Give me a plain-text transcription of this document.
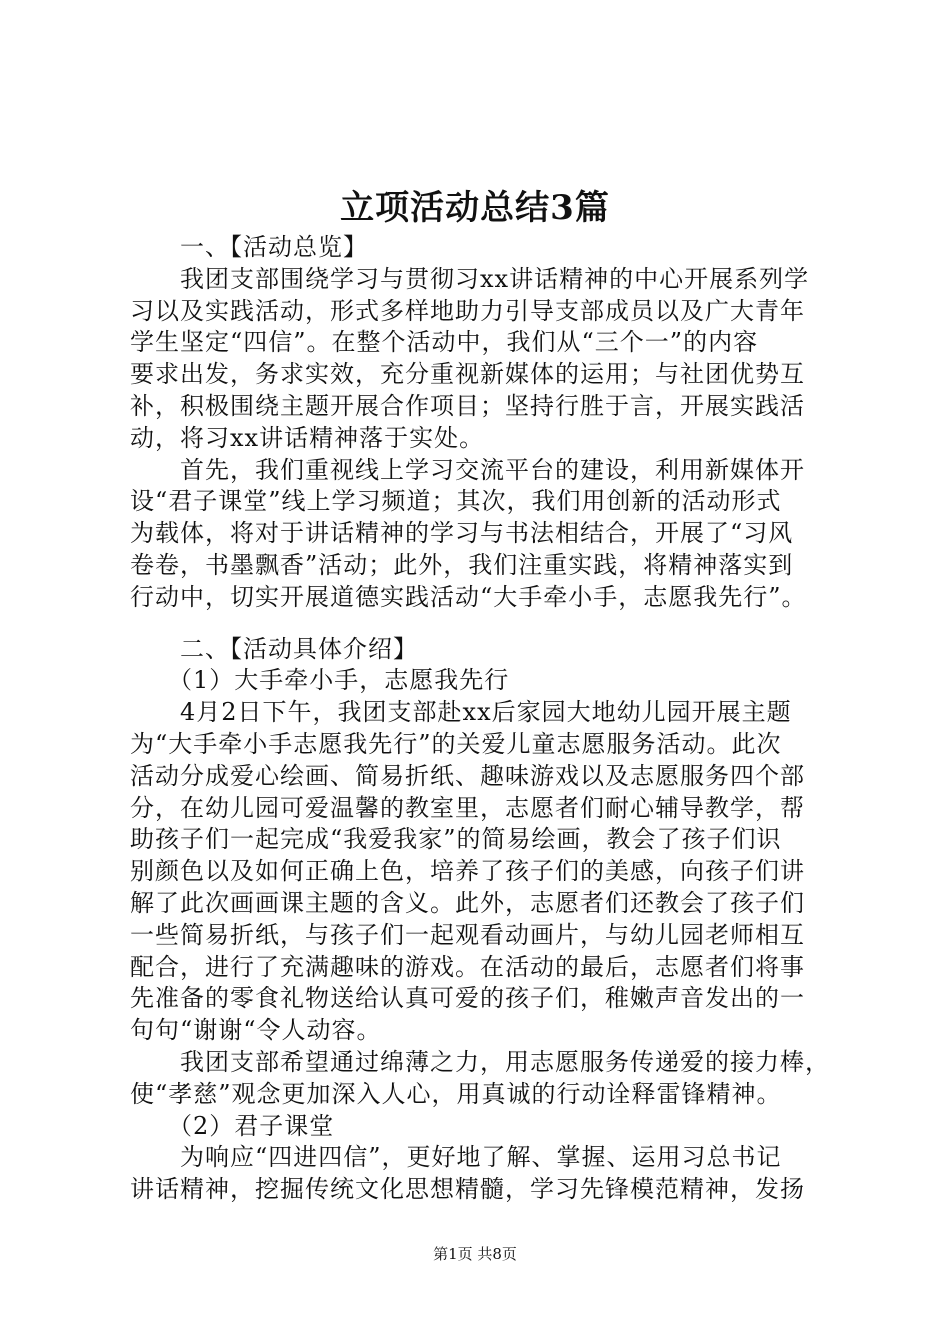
立项活动总结3篇
　　一、【活动总览】
　　我团支部围绕学习与贯彻习xx讲话精神的中心开展系列学
习以及实践活动，形式多样地助力引导支部成员以及广大青年
学生坚定“四信”。在整个活动中，我们从“三个一”的内容
要求出发，务求实效，充分重视新媒体的运用；与社团优势互
补，积极围绕主题开展合作项目；坚持行胜于言，开展实践活
动，将习xx讲话精神落于实处。
　　首先，我们重视线上学习交流平台的建设，利用新媒体开
设“君子课堂”线上学习频道；其次，我们用创新的活动形式
为载体，将对于讲话精神的学习与书法相结合，开展了“习风
卷卷，书墨飘香”活动；此外，我们注重实践，将精神落实到
行动中，切实开展道德实践活动“大手牵小手，志愿我先行”。
　　二、【活动具体介绍】
　　（1）大手牵小手，志愿我先行
　　4月2日下午，我团支部赴xx后家园大地幼儿园开展主题
为“大手牵小手志愿我先行”的关爱儿童志愿服务活动。此次
活动分成爱心绘画、简易折纸、趣味游戏以及志愿服务四个部
分，在幼儿园可爱温馨的教室里，志愿者们耐心辅导教学，帮
助孩子们一起完成“我爱我家”的简易绘画，教会了孩子们识
别颜色以及如何正确上色，培养了孩子们的美感，向孩子们讲
解了此次画画课主题的含义。此外，志愿者们还教会了孩子们
一些简易折纸，与孩子们一起观看动画片，与幼儿园老师相互
配合，进行了充满趣味的游戏。在活动的最后，志愿者们将事
先准备的零食礼物送给认真可爱的孩子们，稚嫩声音发出的一
句句“谢谢“令人动容。
　　我团支部希望通过绵薄之力，用志愿服务传递爱的接力棒，
使“孝慈”观念更加深入人心，用真诚的行动诠释雷锋精神。
　　（2）君子课堂
　　为响应“四进四信”，更好地了解、掌握、运用习总书记
讲话精神，挖掘传统文化思想精髓，学习先锋模范精神，发扬
第1页 共8页
